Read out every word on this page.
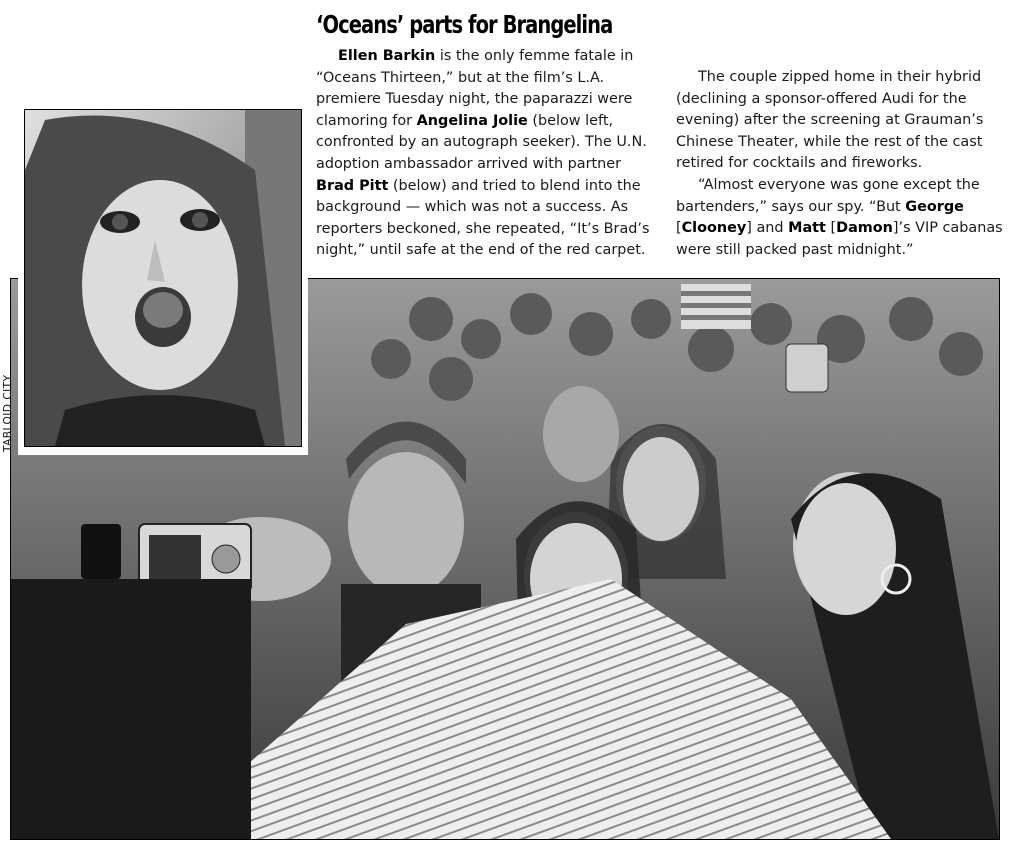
‘Oceans’ parts for Brangelina
Ellen Barkin is the only femme fatale in
“Oceans Thirteen,” but at the film’s L.A.
premiere Tuesday night, the paparazzi were
clamoring for Angelina Jolie (below left,
confronted by an autograph seeker). The U.N.
adoption ambassador arrived with partner
Brad Pitt (below) and tried to blend into the
background — which was not a success. As
reporters beckoned, she repeated, “It’s Brad’s
night,” until safe at the end of the red carpet.
The couple zipped home in their hybrid
(declining a sponsor-offered Audi for the
evening) after the screening at Grauman’s
Chinese Theater, while the rest of the cast
retired for cocktails and fireworks.
“Almost everyone was gone except the
bartenders,” says our spy. “But George
[Clooney] and Matt [Damon]’s VIP cabanas
were still packed past midnight.”
TABLOID CITY
